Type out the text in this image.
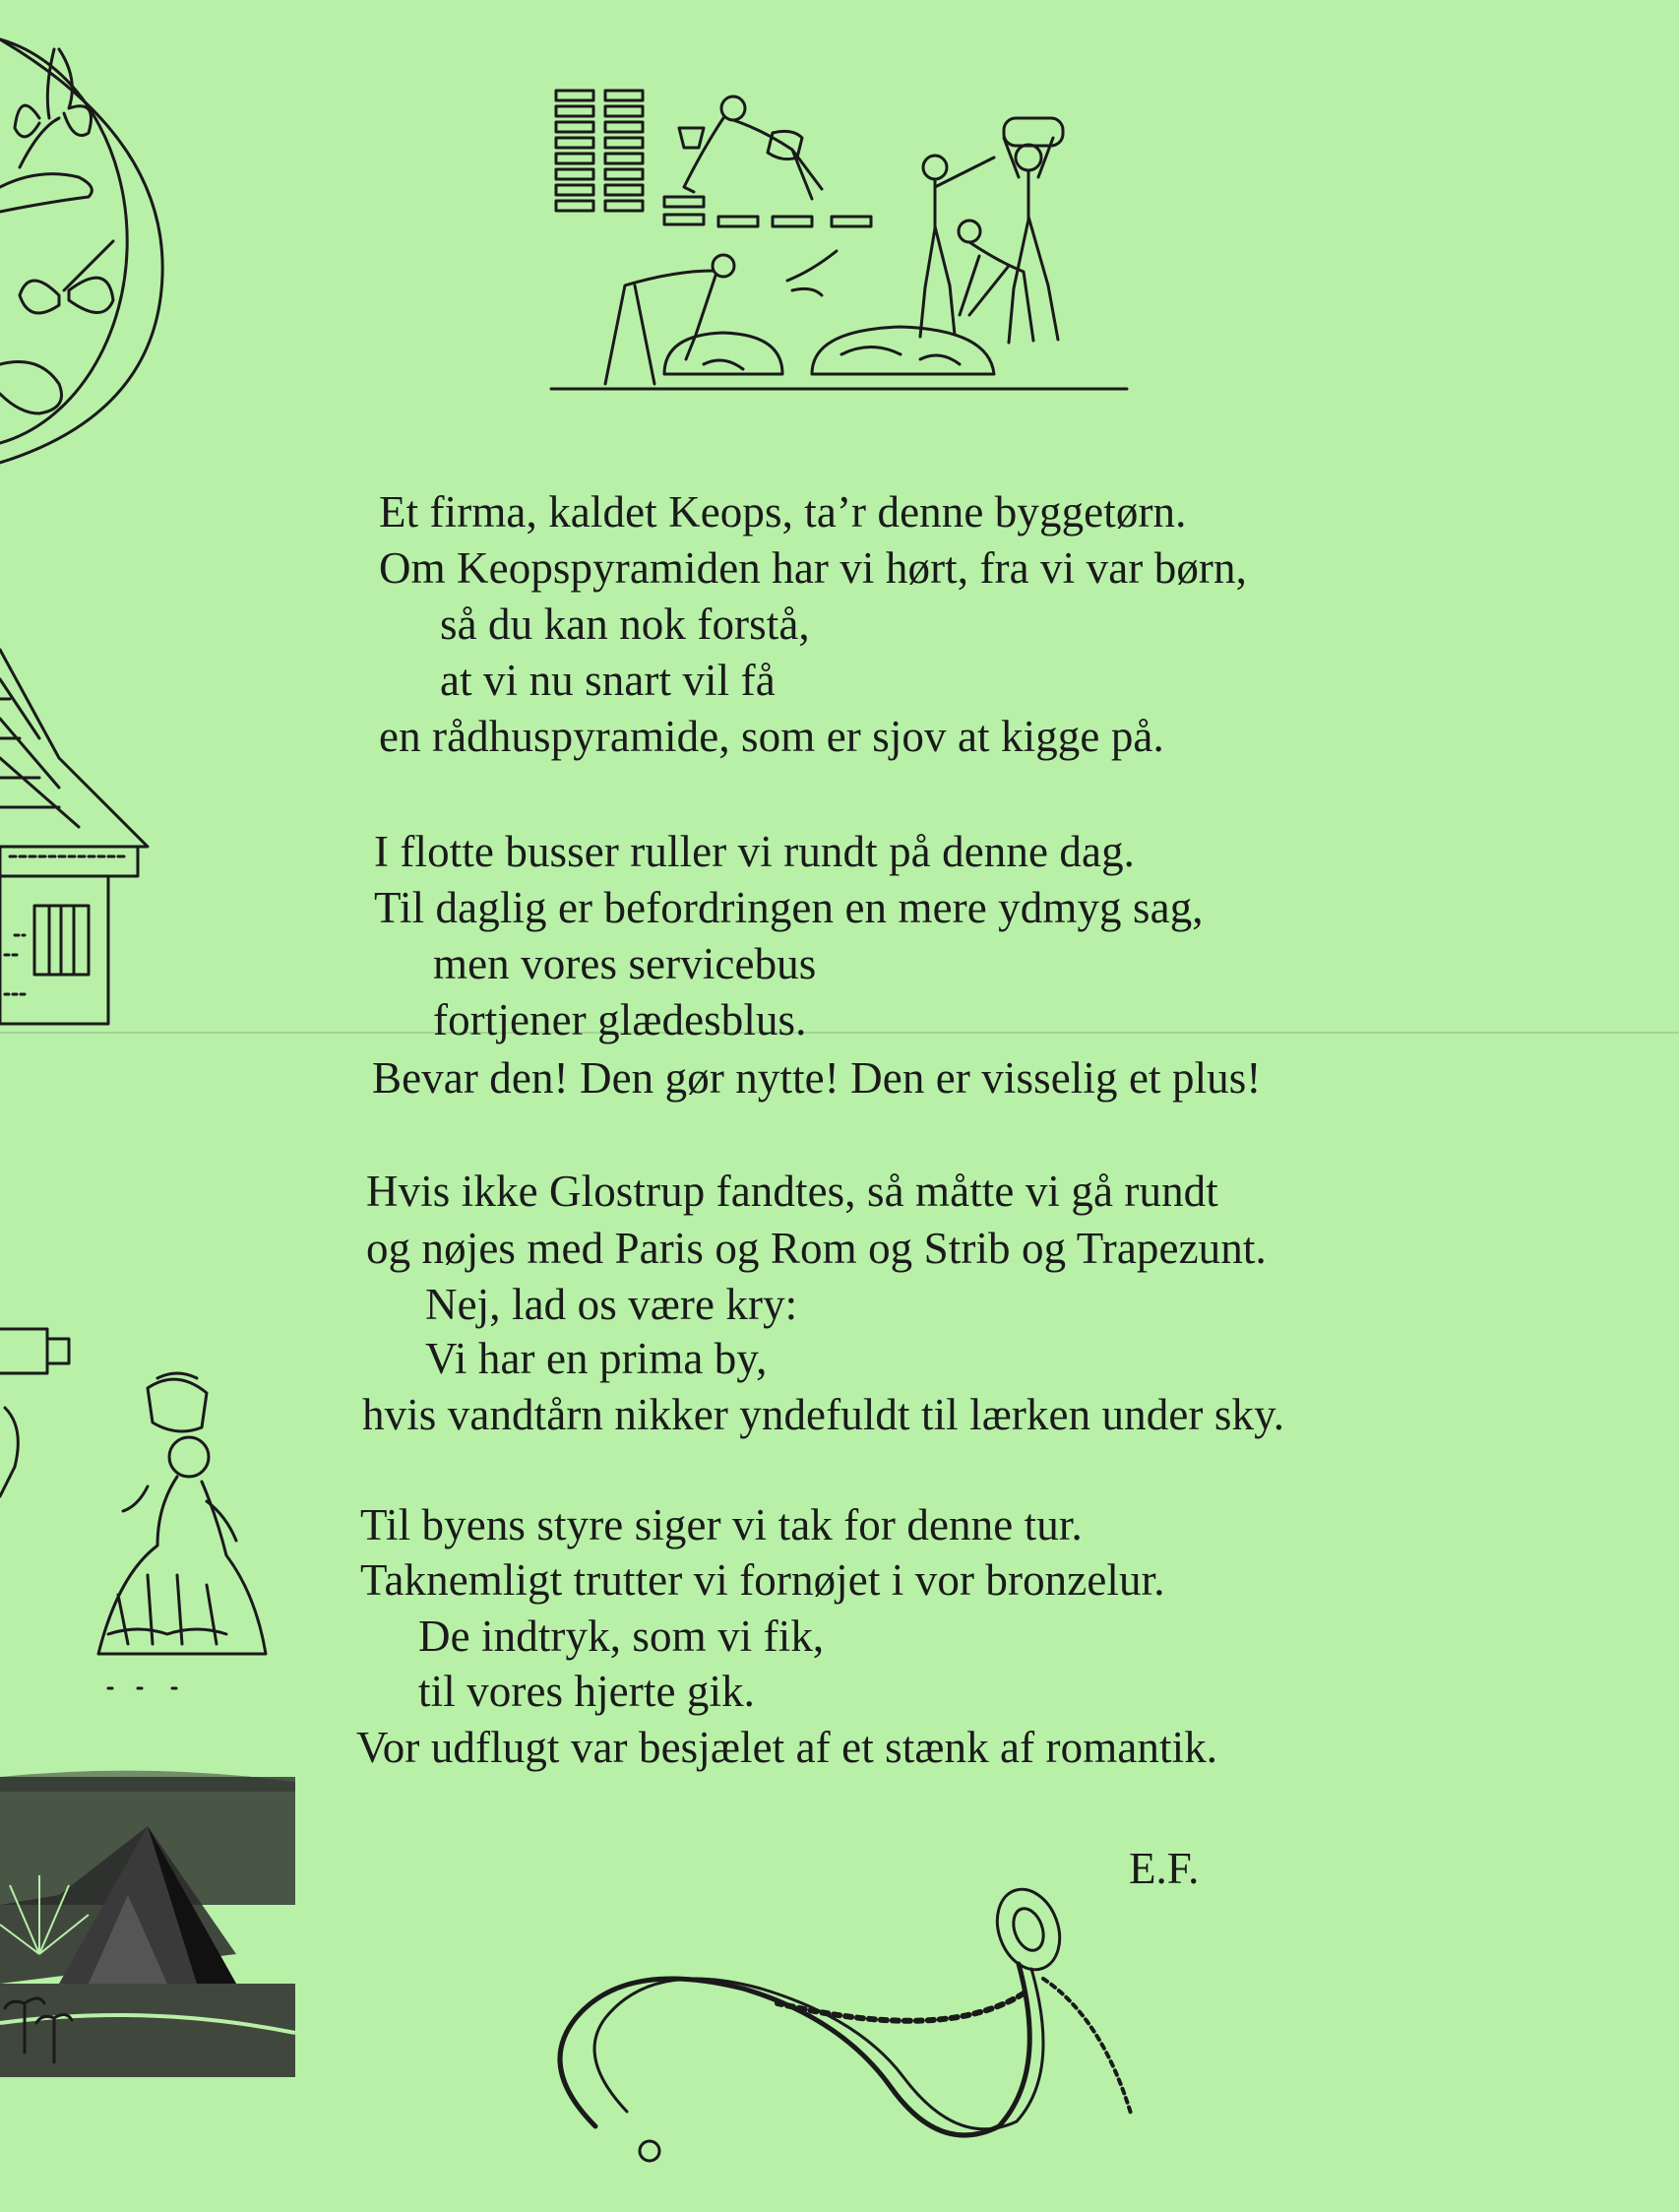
Et firma, kaldet Keops, ta’r denne byggetørn.
Om Keopspyramiden har vi hørt, fra vi var børn,
så du kan nok forstå,
at vi nu snart vil få
en rådhuspyramide, som er sjov at kigge på.
I flotte busser ruller vi rundt på denne dag.
Til daglig er befordringen en mere ydmyg sag,
men vores servicebus
fortjener glædesblus.
Bevar den! Den gør nytte! Den er visselig et plus!
Hvis ikke Glostrup fandtes, så måtte vi gå rundt
og nøjes med Paris og Rom og Strib og Trapezunt.
Nej, lad os være kry:
Vi har en prima by,
hvis vandtårn nikker yndefuldt til lærken under sky.
Til byens styre siger vi tak for denne tur.
Taknemligt trutter vi fornøjet i vor bronzelur.
De indtryk, som vi fik,
til vores hjerte gik.
Vor udflugt var besjælet af et stænk af romantik.
E.F.
